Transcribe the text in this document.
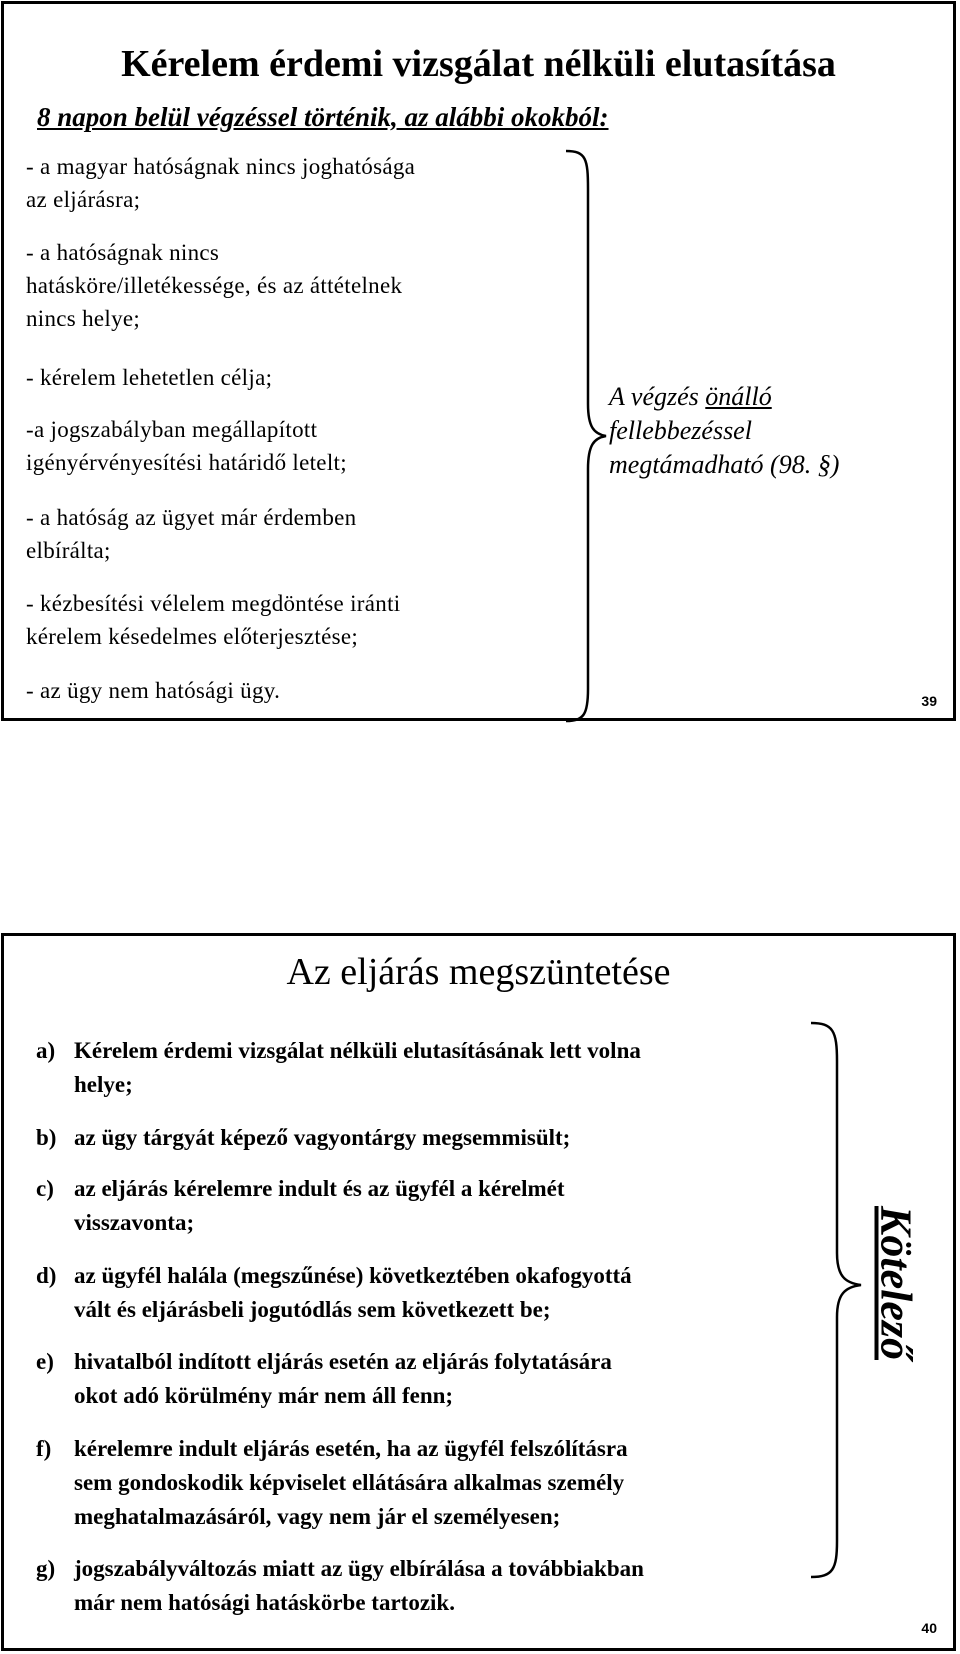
Kérelem érdemi vizsgálat nélküli elutasítása
8 napon belül végzéssel történik, az alábbi okokból:
- a magyar hatóságnak nincs joghatósága
az eljárásra;
- a hatóságnak nincs
hatásköre/illetékessége, és az áttételnek
nincs helye;
- kérelem lehetetlen célja;
-a jogszabályban megállapított
igényérvényesítési határidő letelt;
- a hatóság az ügyet már érdemben
elbírálta;
- kézbesítési vélelem megdöntése iránti
kérelem késedelmes előterjesztése;
- az ügy nem hatósági ügy.
A végzés önálló
fellebbezéssel
megtámadható (98. §)
39
Az eljárás megszüntetése
a) Kérelem érdemi vizsgálat nélküli elutasításának lett volna
helye;
b) az ügy tárgyát képező vagyontárgy megsemmisült;
c) az eljárás kérelemre indult és az ügyfél a kérelmét
visszavonta;
d) az ügyfél halála (megszűnése) következtében okafogyottá
vált és eljárásbeli jogutódlás sem következett be;
e) hivatalból indított eljárás esetén az eljárás folytatására
okot adó körülmény már nem áll fenn;
f) kérelemre indult eljárás esetén, ha az ügyfél felszólításra
sem gondoskodik képviselet ellátására alkalmas személy
meghatalmazásáról, vagy nem jár el személyesen;
g) jogszabályváltozás miatt az ügy elbírálása a továbbiakban
már nem hatósági hatáskörbe tartozik.
Kötelező
40
